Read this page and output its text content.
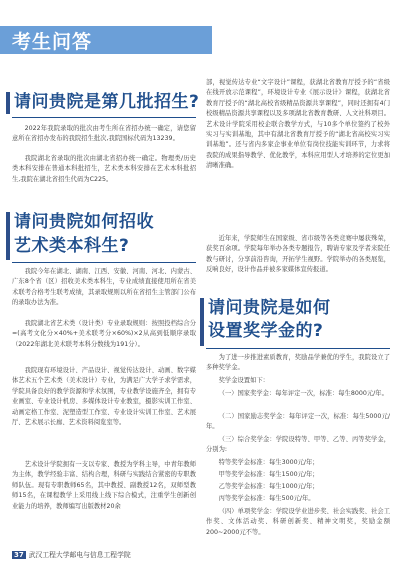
考生问答
请问贵院是第几批招生?

2022年我院录取的批次由考生所在省招办统一确定，请您留意所在省招办发布的我院招生批次,我院国标代码为13239。

我院湖北省录取的批次由湖北省招办统一确定。物理类/历史类本科安排在普通本科批招生，艺术类本科安排在艺术本科批招生,我院在湖北省招生代码为C225。

请问贵院如何招收
艺术类本科生?

我院今年在湖北、湖南、江西、安徽、河南、河北、内蒙古、广东8个省（区）招收美术类本科生，专业成绩直接使用所在省美术联考合格考生联考成绩，其录取规则以所在省招生主管部门公布的录取办法为准。

我院湖北省艺术类（设计类）专业录取规则：按照投档综合分=(高考文化分×40%+美术联考分×60%)×2从高到低顺序录取（2022年湖北美术联考本科分数线为191分）。

我院现有环境设计、产品设计、视觉传达设计、动画、数字媒体艺术五个艺术类（美术设计）专业，为满足广大学子求学需求，学院具备良好的教学资源和学术氛围，专业教学设施齐全，拥有专业画室、专业设计机房、多媒体设计专业教室，摄影实训工作室、动画定格工作室、泥塑造型工作室、专业设计实训工作室、艺术展厅、艺术展示长廊、艺术资料阅览室等。

艺术设计学院拥有一支以专家、教授为学科主导，中青年教师为主体，教学经验丰富、结构合理，科研与实践结合紧密的专职教师队伍。现有专职教师65名，其中教授、副教授12名，双师型教师15名，在课程教学上采用线上线下综合模式，注重学生创新创业能力的培养，教师编写出版教材20余

部，视觉传达专业“文字设计”课程，获湖北省教育厅授予的“省级在线开放示范课程”，环境设计专业《展示设计》课程，获湖北省教育厅授予的“湖北高校省级精品资源共享课程”，同时还拥有4门校级精品资源共享课程以及多项湖北省教育教研、人文社科项目。艺术设计学院采用校企联合教学方式，与10多个单位签约了校外实习与实训基地，其中有湖北省教育厅授予的“湖北省高校实习实训基地”。还与省内多家企事业单位有岗位技能实训环节，力求将我院的成果指导教学、优化教学，本科应用型人才培养的定位更加清晰准确。

近年来，学院师生在国家级、省市级等各类竞赛中屡获殊荣，获奖百余项。学院每年举办各类专题报告，聘请专家及学者来院任教与研讨，分享前沿咨询，开拓学生视野。学院举办的各类展览，反响良好，设计作品并被多家媒体宣传报道。

请问贵院是如何
设置奖学金的?

为了进一步推进素质教育，奖励品学兼优的学生，我院设立了多种奖学金。

奖学金设置如下：

（一）国家奖学金：每年评定一次，标准：每生8000元/年。

（二）国家励志奖学金：每年评定一次，标准：每生5000元/年。

（三）综合奖学金：学院设特等、甲等、乙等、丙等奖学金，分别为:

特等奖学金标准：每生3000元/年；

甲等奖学金标准：每生1500元/年；

乙等奖学金标准：每生1000元/年；

丙等奖学金标准：每生500元/年。

（四）单项奖学金：学院设学业进步奖、社会实践奖、社会工作奖、文体活动奖、科研创新奖、精神文明奖，奖励金额200~2000元不等。

37 武汉工程大学邮电与信息工程学院
